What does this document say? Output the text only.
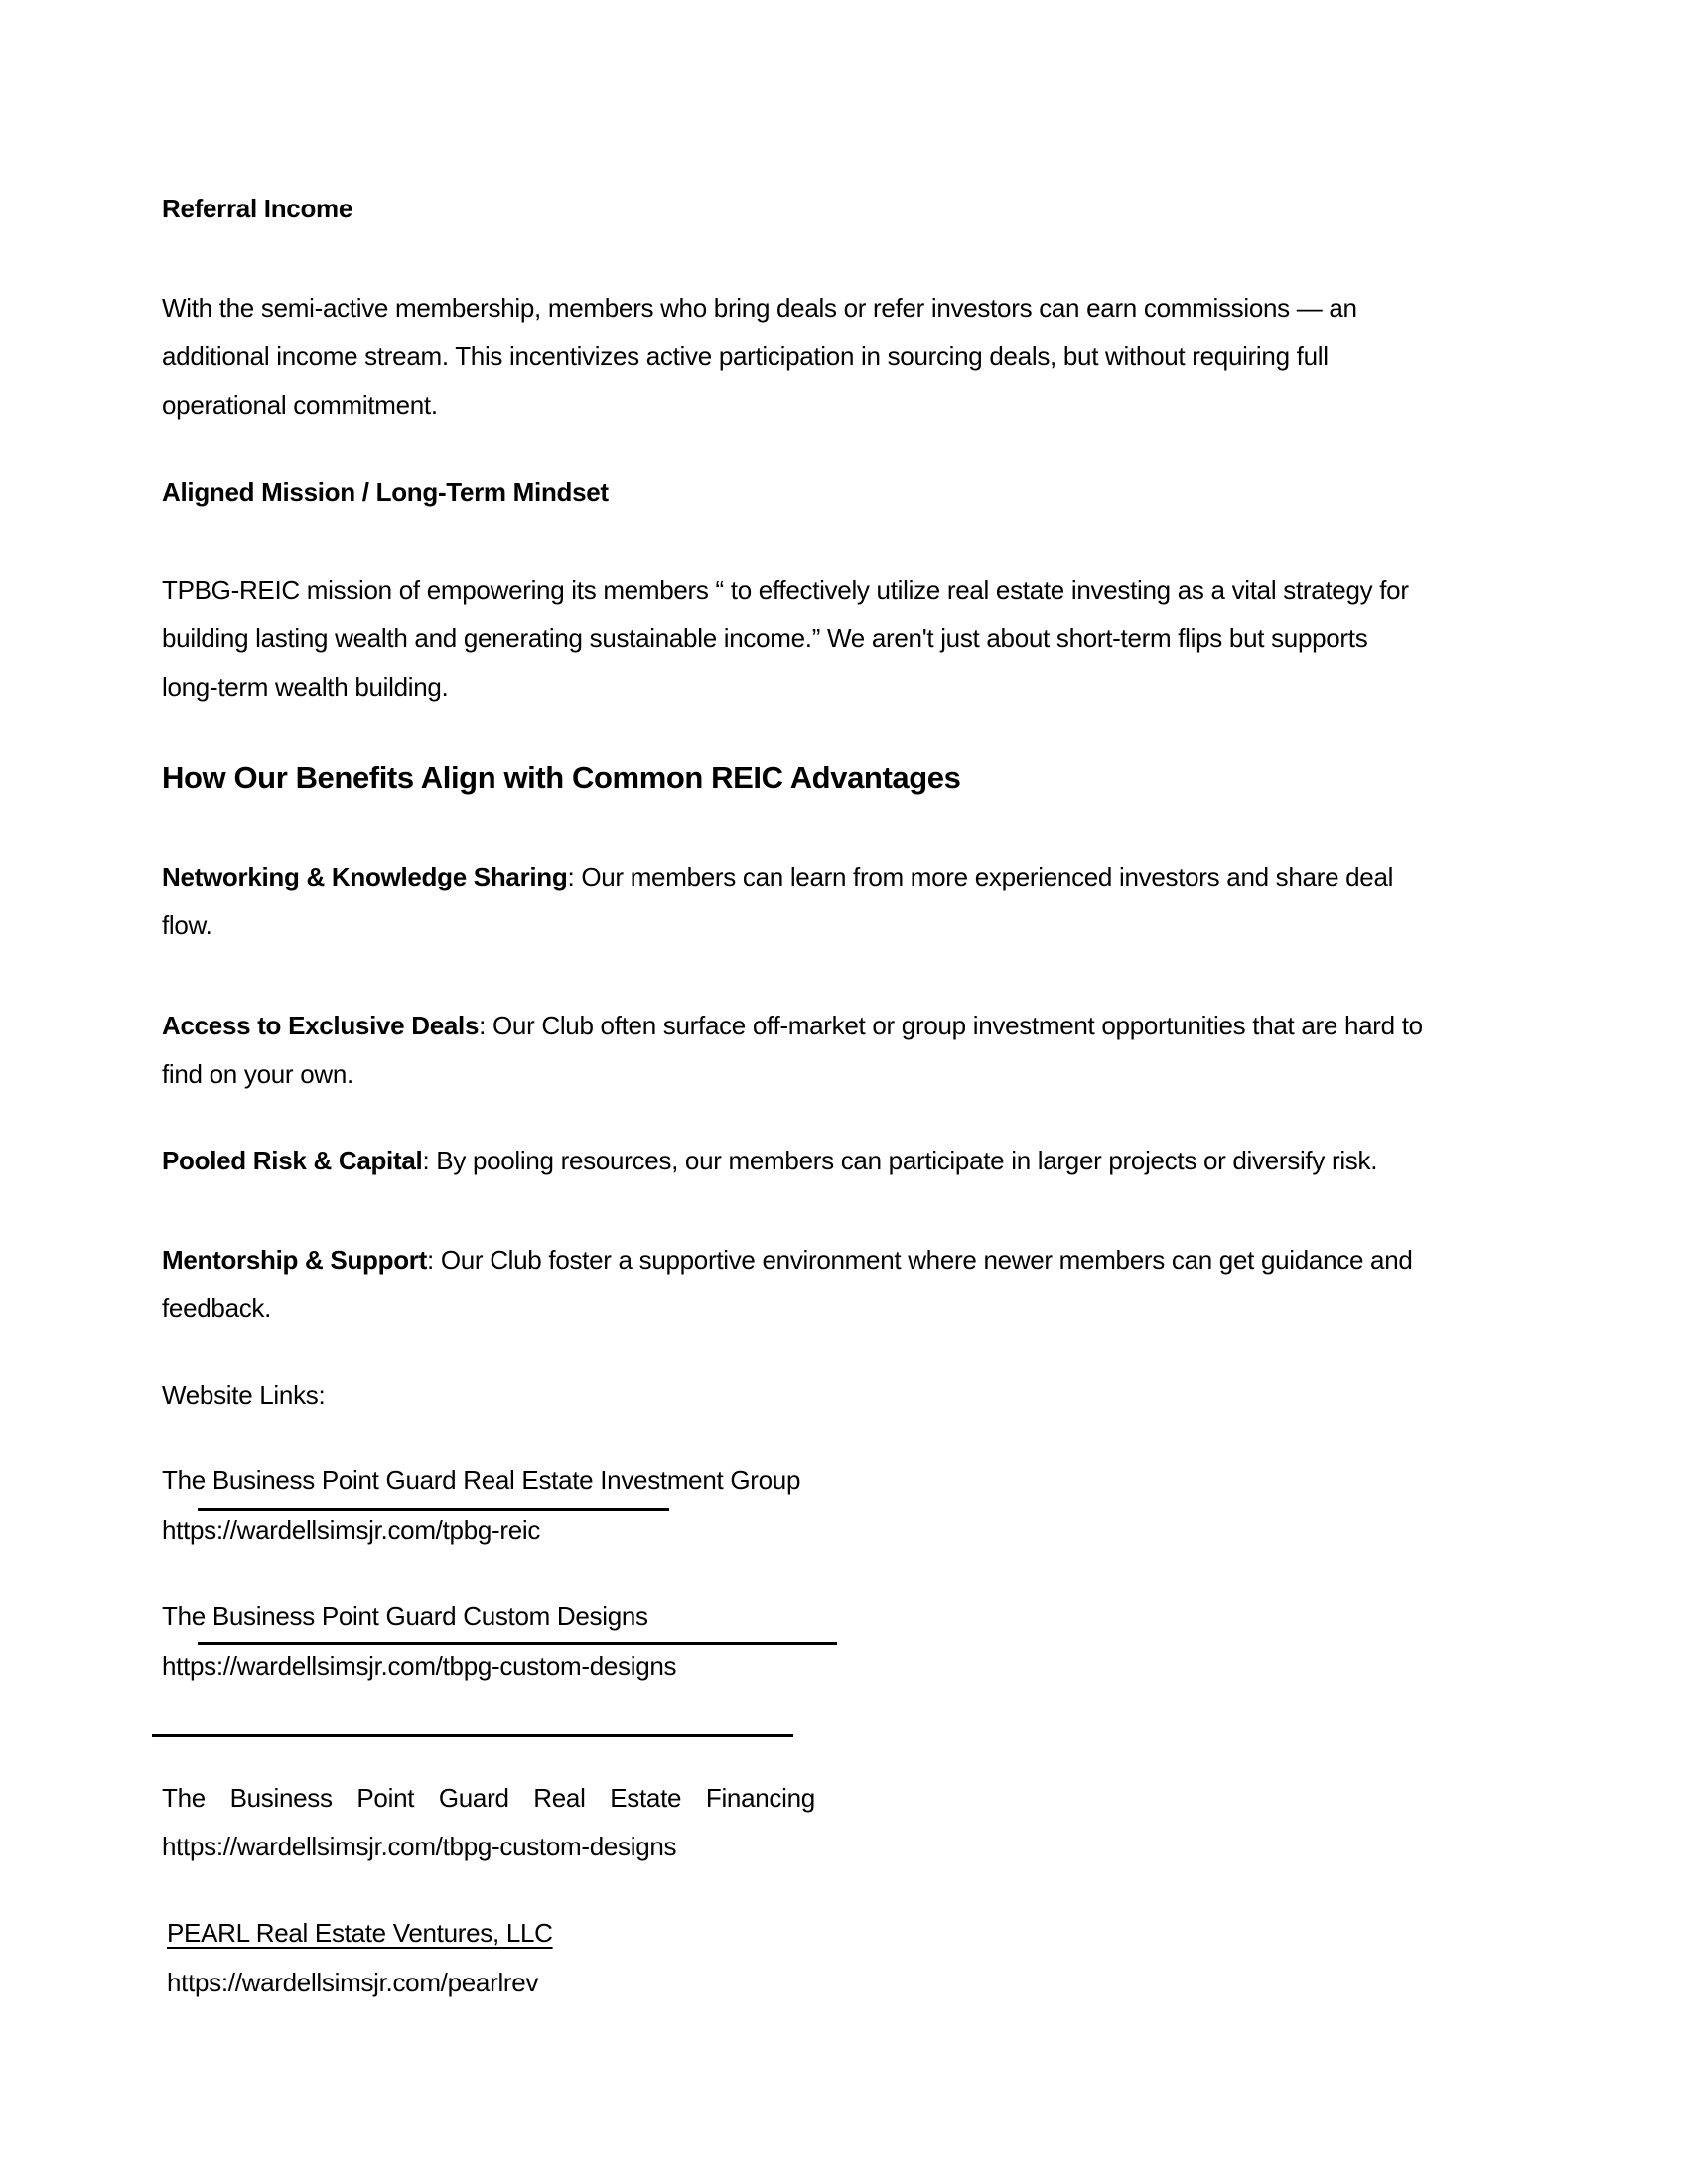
Referral Income
With the semi-active membership, members who bring deals or refer investors can earn commissions — an
additional income stream. This incentivizes active participation in sourcing deals, but without requiring full
operational commitment.
Aligned Mission / Long-Term Mindset
TPBG-REIC mission of empowering its members “ to effectively utilize real estate investing as a vital strategy for
building lasting wealth and generating sustainable income.” We aren't just about short-term flips but supports
long-term wealth building.
How Our Benefits Align with Common REIC Advantages
Networking & Knowledge Sharing: Our members can learn from more experienced investors and share deal
flow.
Access to Exclusive Deals: Our Club often surface off-market or group investment opportunities that are hard to
find on your own.
Pooled Risk & Capital: By pooling resources, our members can participate in larger projects or diversify risk.
Mentorship & Support: Our Club foster a supportive environment where newer members can get guidance and
feedback.
Website Links:
The Business Point Guard Real Estate Investment Group
https://wardellsimsjr.com/tpbg-reic
The Business Point Guard Custom Designs
https://wardellsimsjr.com/tbpg-custom-designs
The Business Point Guard Real Estate Financing
https://wardellsimsjr.com/tbpg-custom-designs
PEARL Real Estate Ventures, LLC
https://wardellsimsjr.com/pearlrev
